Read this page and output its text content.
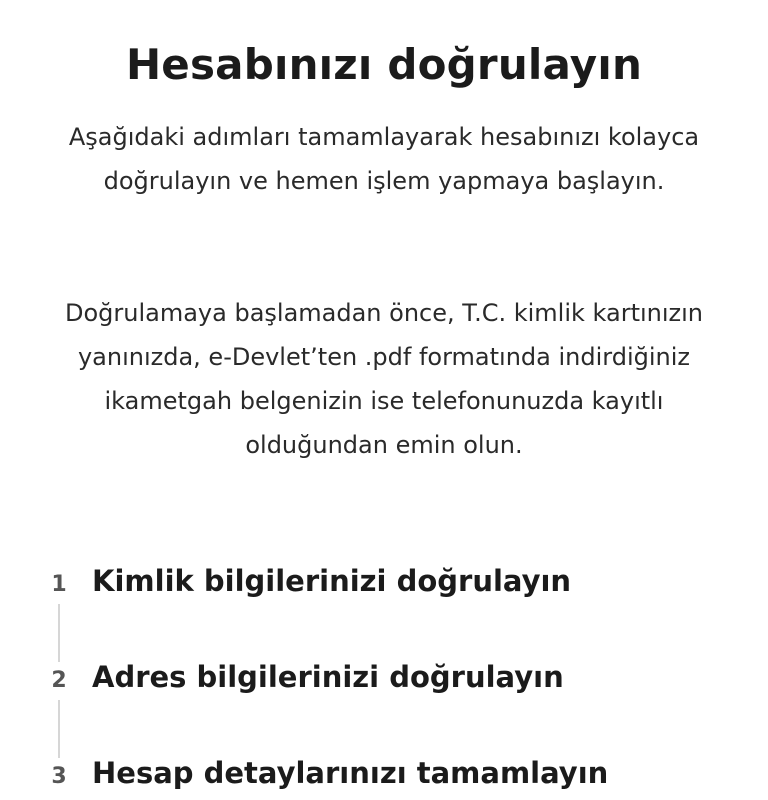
Hesabınızı doğrulayın

Aşağıdaki adımları tamamlayarak hesabınızı kolayca doğrulayın ve hemen işlem yapmaya başlayın.

Doğrulamaya başlamadan önce, T.C. kimlik kartınızın yanınızda, e-Devlet’ten .pdf formatında indirdiğiniz ikametgah belgenizin ise telefonunuzda kayıtlı olduğundan emin olun.

1 Kimlik bilgilerinizi doğrulayın
2 Adres bilgilerinizi doğrulayın
3 Hesap detaylarınızı tamamlayın
